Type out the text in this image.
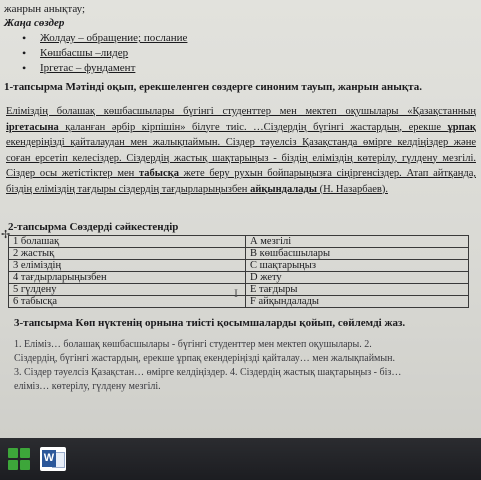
жанрын анықтау;
Жаңа сөздер
• Жолдау – обращение; послание
• Көшбасшы –лидер
• Іргетас – фундамент
1-тапсырма Мәтінді оқып, ерекшеленген сөздерге синоним тауып, жанрын анықта.
Еліміздің болашақ көшбасшылары бүгінгі студенттер мен мектеп оқушылары «Қазақстанның іргетасына қаланған әрбір кірпішін» білуге тиіс. …Сіздердің бүгінгі жастардың, ерекше ұрпақ екендеріңізді қайталаудан мен жалықпаймын. Сіздер тәуелсіз Қазақстанда өмірге келдіңіздер және соған ерсетіп келесіздер. Сіздердің жастық шақтарыңыз - біздің еліміздің көтерілу, гүлдену мезгілі. Сіздер осы жетістіктер мен табысқа жете беру рухын бойпарыңызға сіңіргенсіздер. Атап айтқанда, біздің еліміздің тағдыры сіздердің тағдырларыңызбен айқындалады (Н. Назарбаев).
2-тапсырма Сөздерді сәйкестендір
✢
1 болашақ	А мезгілі
2 жастық	В көшбасшылары
3 еліміздің	С шақтарыңыз
4 тағдырларыңызбен	D жету
5 гүлдену	Е тағдыры
6 табысқа	F айқындалады
I
3-тапсырма Көп нүктенің орнына тиісті қосымшаларды қойып, сөйлемді жаз.
1. Еліміз… болашақ көшбасшылары - бүгінгі студенттер мен мектеп оқушылары. 2.
Сіздердің, бүгінгі жастардың, ерекше ұрпақ екендеріңізді қайталау… мен жалықпаймын.
3. Сіздер тәуелсіз Қазақстан… өмірге келдіңіздер. 4. Сіздердің жастық шақтарыңыз - біз…
еліміз… көтерілу, гүлдену мезгілі.
W
